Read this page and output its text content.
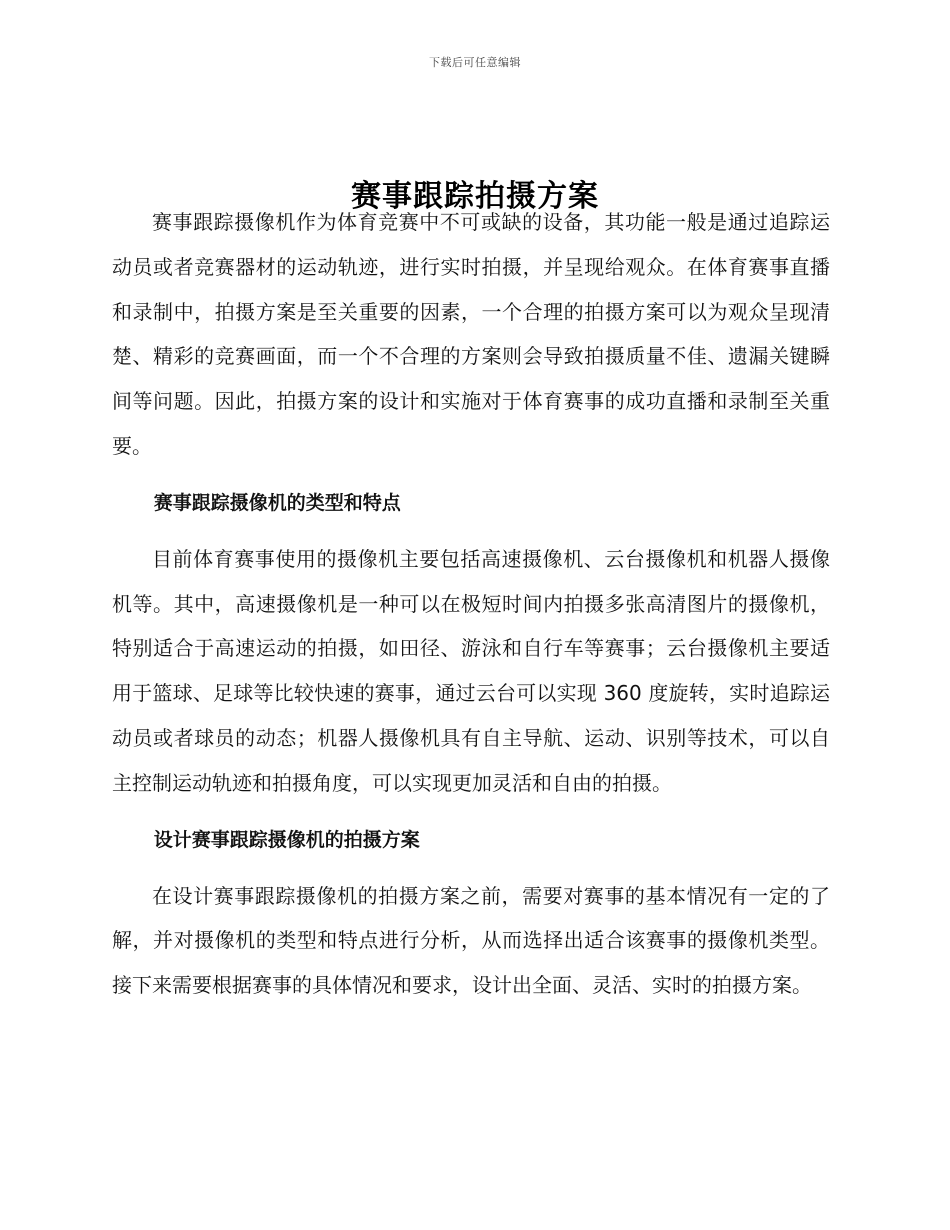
下载后可任意编辑
赛事跟踪拍摄方案

赛事跟踪摄像机作为体育竞赛中不可或缺的设备，其功能一般是通过追踪运动员或者竞赛器材的运动轨迹，进行实时拍摄，并呈现给观众。在体育赛事直播和录制中，拍摄方案是至关重要的因素，一个合理的拍摄方案可以为观众呈现清楚、精彩的竞赛画面，而一个不合理的方案则会导致拍摄质量不佳、遗漏关键瞬间等问题。因此，拍摄方案的设计和实施对于体育赛事的成功直播和录制至关重要。

赛事跟踪摄像机的类型和特点

目前体育赛事使用的摄像机主要包括高速摄像机、云台摄像机和机器人摄像机等。其中，高速摄像机是一种可以在极短时间内拍摄多张高清图片的摄像机，特别适合于高速运动的拍摄，如田径、游泳和自行车等赛事；云台摄像机主要适用于篮球、足球等比较快速的赛事，通过云台可以实现 360 度旋转，实时追踪运动员或者球员的动态；机器人摄像机具有自主导航、运动、识别等技术，可以自主控制运动轨迹和拍摄角度，可以实现更加灵活和自由的拍摄。

设计赛事跟踪摄像机的拍摄方案

在设计赛事跟踪摄像机的拍摄方案之前，需要对赛事的基本情况有一定的了解，并对摄像机的类型和特点进行分析，从而选择出适合该赛事的摄像机类型。接下来需要根据赛事的具体情况和要求，设计出全面、灵活、实时的拍摄方案。
